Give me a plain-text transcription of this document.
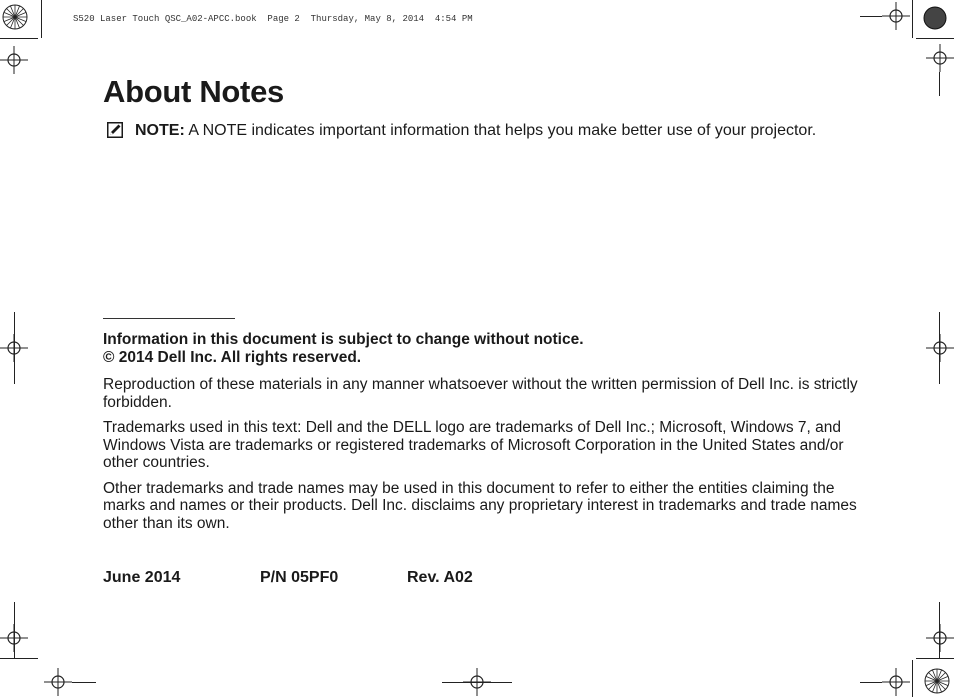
S520 Laser Touch QSC_A02-APCC.book  Page 2  Thursday, May 8, 2014  4:54 PM
About Notes
NOTE: A NOTE indicates important information that helps you make better use of your projector.

Information in this document is subject to change without notice.

© 2014 Dell Inc. All rights reserved.

Reproduction of these materials in any manner whatsoever without the written permission of Dell Inc. is strictly forbidden.

Trademarks used in this text: Dell and the DELL logo are trademarks of Dell Inc.; Microsoft, Windows 7, and Windows Vista are trademarks or registered trademarks of Microsoft Corporation in the United States and/or other countries.

Other trademarks and trade names may be used in this document to refer to either the entities claiming the marks and names or their products. Dell Inc. disclaims any proprietary interest in trademarks and trade names other than its own.

June 2014	P/N 05PF0	Rev. A02
